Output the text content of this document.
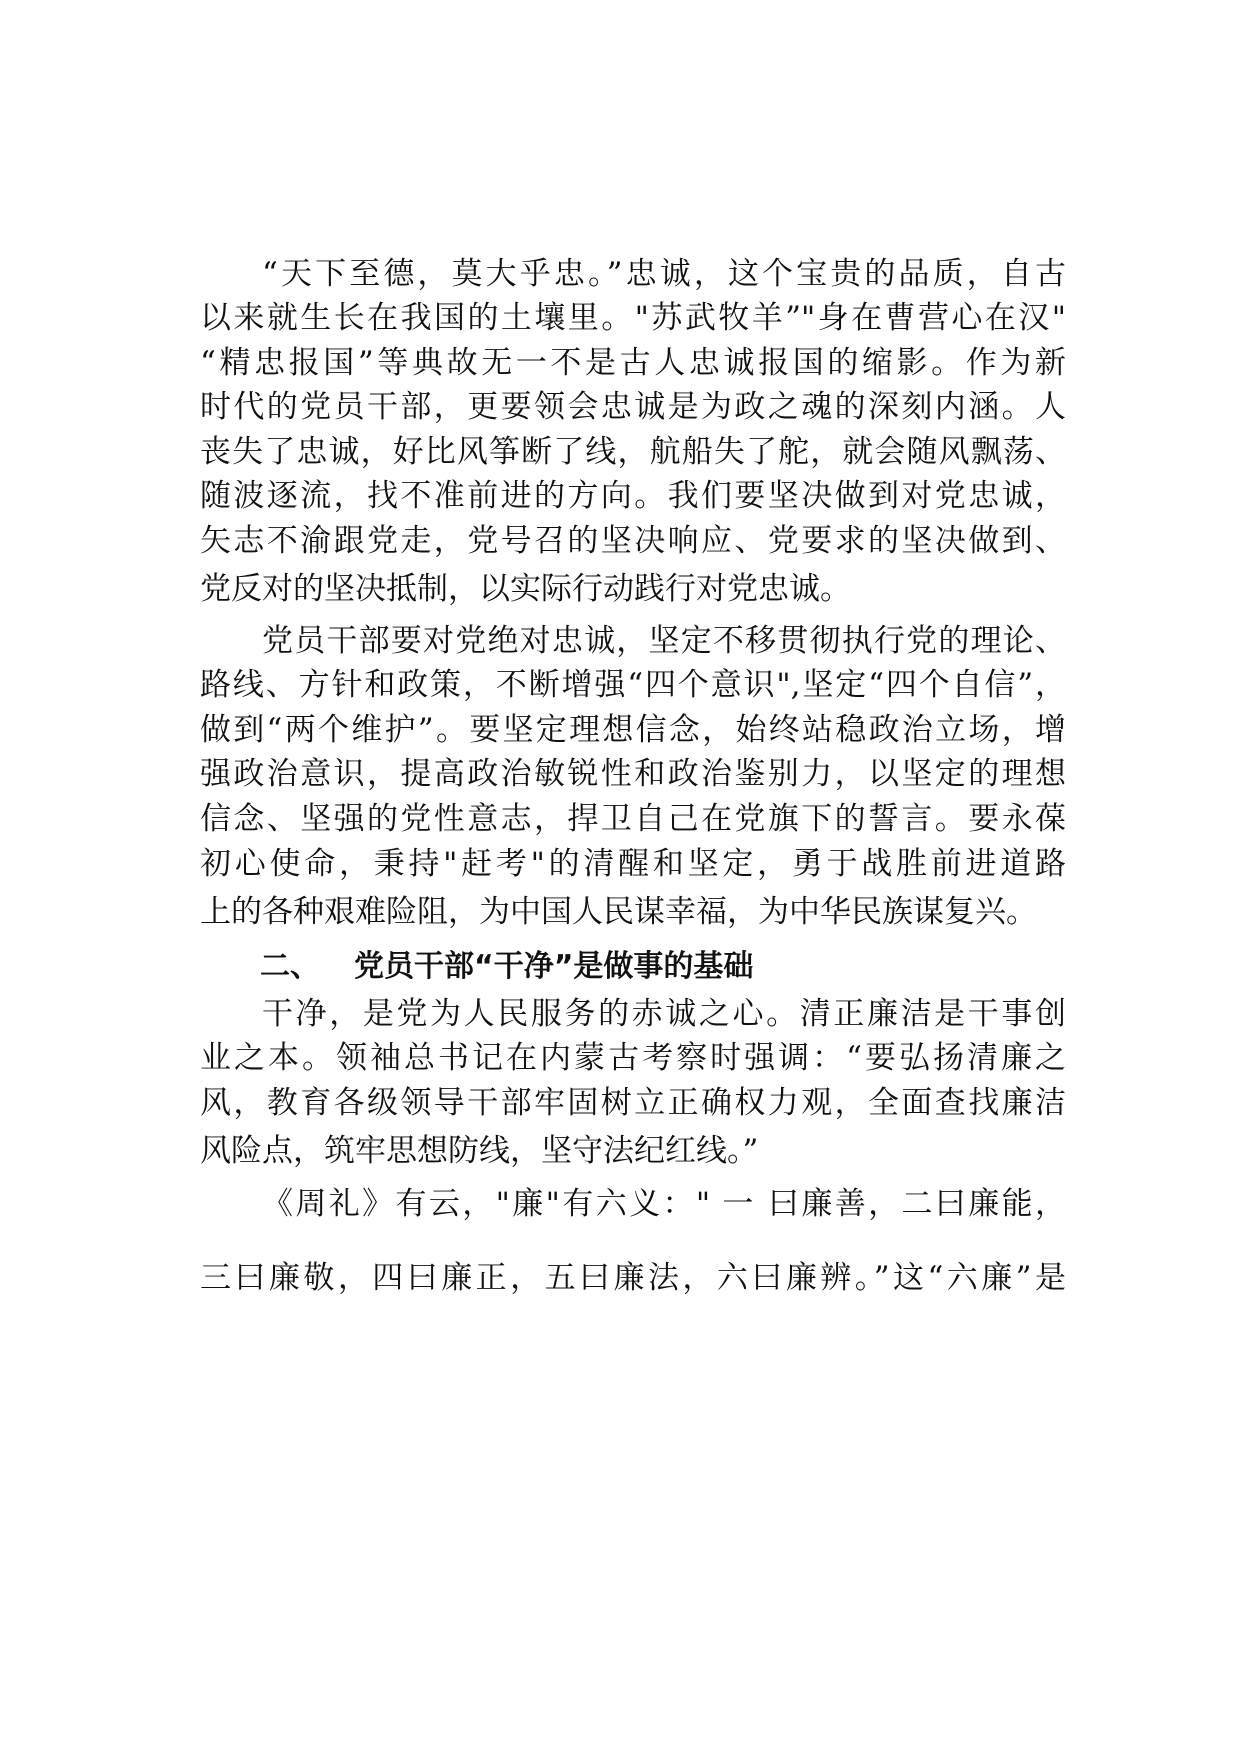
“天下至德，莫大乎忠。”忠诚，这个宝贵的品质，自古
以来就生长在我国的土壤里。"苏武牧羊”"身在曹营心在汉"
“精忠报国”等典故无一不是古人忠诚报国的缩影。作为新
时代的党员干部，更要领会忠诚是为政之魂的深刻内涵。人
丧失了忠诚，好比风筝断了线，航船失了舵，就会随风飘荡、
随波逐流，找不准前进的方向。我们要坚决做到对党忠诚，
矢志不渝跟党走，党号召的坚决响应、党要求的坚决做到、
党反对的坚决抵制，以实际行动践行对党忠诚。
党员干部要对党绝对忠诚，坚定不移贯彻执行党的理论、
路线、方针和政策，不断增强“四个意识",坚定“四个自信”，
做到“两个维护”。要坚定理想信念，始终站稳政治立场，增
强政治意识，提高政治敏锐性和政治鉴别力，以坚定的理想
信念、坚强的党性意志，捍卫自己在党旗下的誓言。要永葆
初心使命，秉持"赶考"的清醒和坚定，勇于战胜前进道路
上的各种艰难险阻，为中国人民谋幸福，为中华民族谋复兴。
二、 党员干部“干净”是做事的基础
干净，是党为人民服务的赤诚之心。清正廉洁是干事创
业之本。领袖总书记在内蒙古考察时强调：“要弘扬清廉之
风，教育各级领导干部牢固树立正确权力观，全面查找廉洁
风险点，筑牢思想防线，坚守法纪红线。”
《周礼》有云，"廉"有六义：" 一 曰廉善，二曰廉能，
三曰廉敬，四曰廉正，五曰廉法，六曰廉辨。”这“六廉”是
